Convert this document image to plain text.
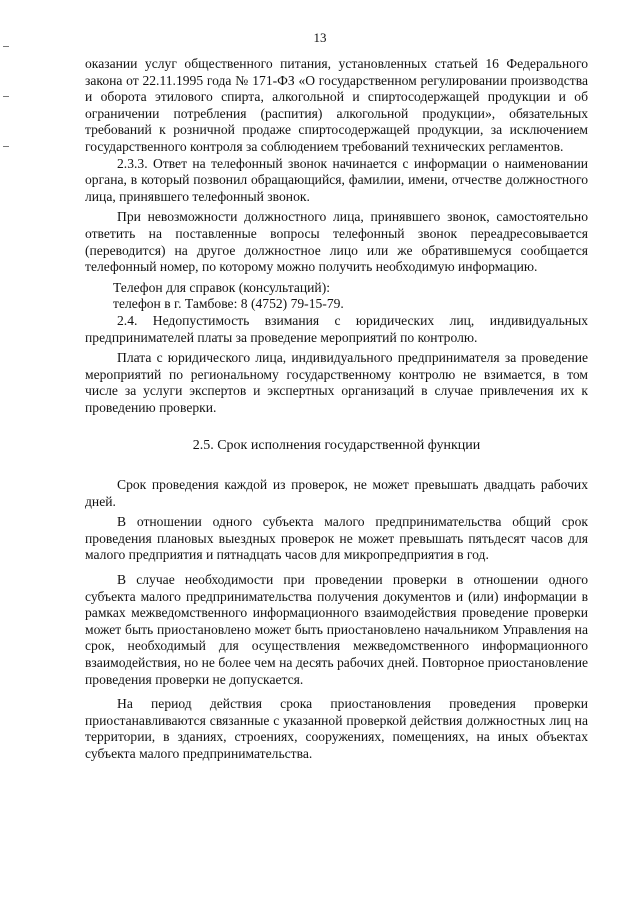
13

оказании услуг общественного питания, установленных статьей 16 Федерального закона от 22.11.1995 года № 171-ФЗ «О государственном регулировании производства и оборота этилового спирта, алкогольной и спиртосодержащей продукции и об ограничении потребления (распития) алкогольной продукции», обязательных требований к розничной продаже спиртосодержащей продукции, за исключением государственного контроля за соблюдением требований технических регламентов.

2.3.3. Ответ на телефонный звонок начинается с информации о наименовании органа, в который позвонил обращающийся, фамилии, имени, отчестве должностного лица, принявшего телефонный звонок.

При невозможности должностного лица, принявшего звонок, самостоятельно ответить на поставленные вопросы телефонный звонок переадресовывается (переводится) на другое должностное лицо или же обратившемуся сообщается телефонный номер, по которому можно получить необходимую информацию.

Телефон для справок (консультаций):

телефон в г. Тамбове: 8 (4752) 79-15-79.

2.4. Недопустимость взимания с юридических лиц, индивидуальных предпринимателей платы за проведение мероприятий по контролю.

Плата с юридического лица, индивидуального предпринимателя за проведение мероприятий по региональному государственному контролю не взимается, в том числе за услуги экспертов и экспертных организаций в случае привлечения их к проведению проверки.

2.5. Срок исполнения государственной функции

Срок проведения каждой из проверок, не может превышать двадцать рабочих дней.

В отношении одного субъекта малого предпринимательства общий срок проведения плановых выездных проверок не может превышать пятьдесят часов для малого предприятия и пятнадцать часов для микропредприятия в год.

В случае необходимости при проведении проверки в отношении одного субъекта малого предпринимательства получения документов и (или) информации в рамках межведомственного информационного взаимодействия проведение проверки может быть приостановлено может быть приостановлено начальником Управления на срок, необходимый для осуществления межведомственного информационного взаимодействия, но не более чем на десять рабочих дней. Повторное приостановление проведения проверки не допускается.

На период действия срока приостановления проведения проверки приостанавливаются связанные с указанной проверкой действия должностных лиц на территории, в зданиях, строениях, сооружениях, помещениях, на иных объектах субъекта малого предпринимательства.
